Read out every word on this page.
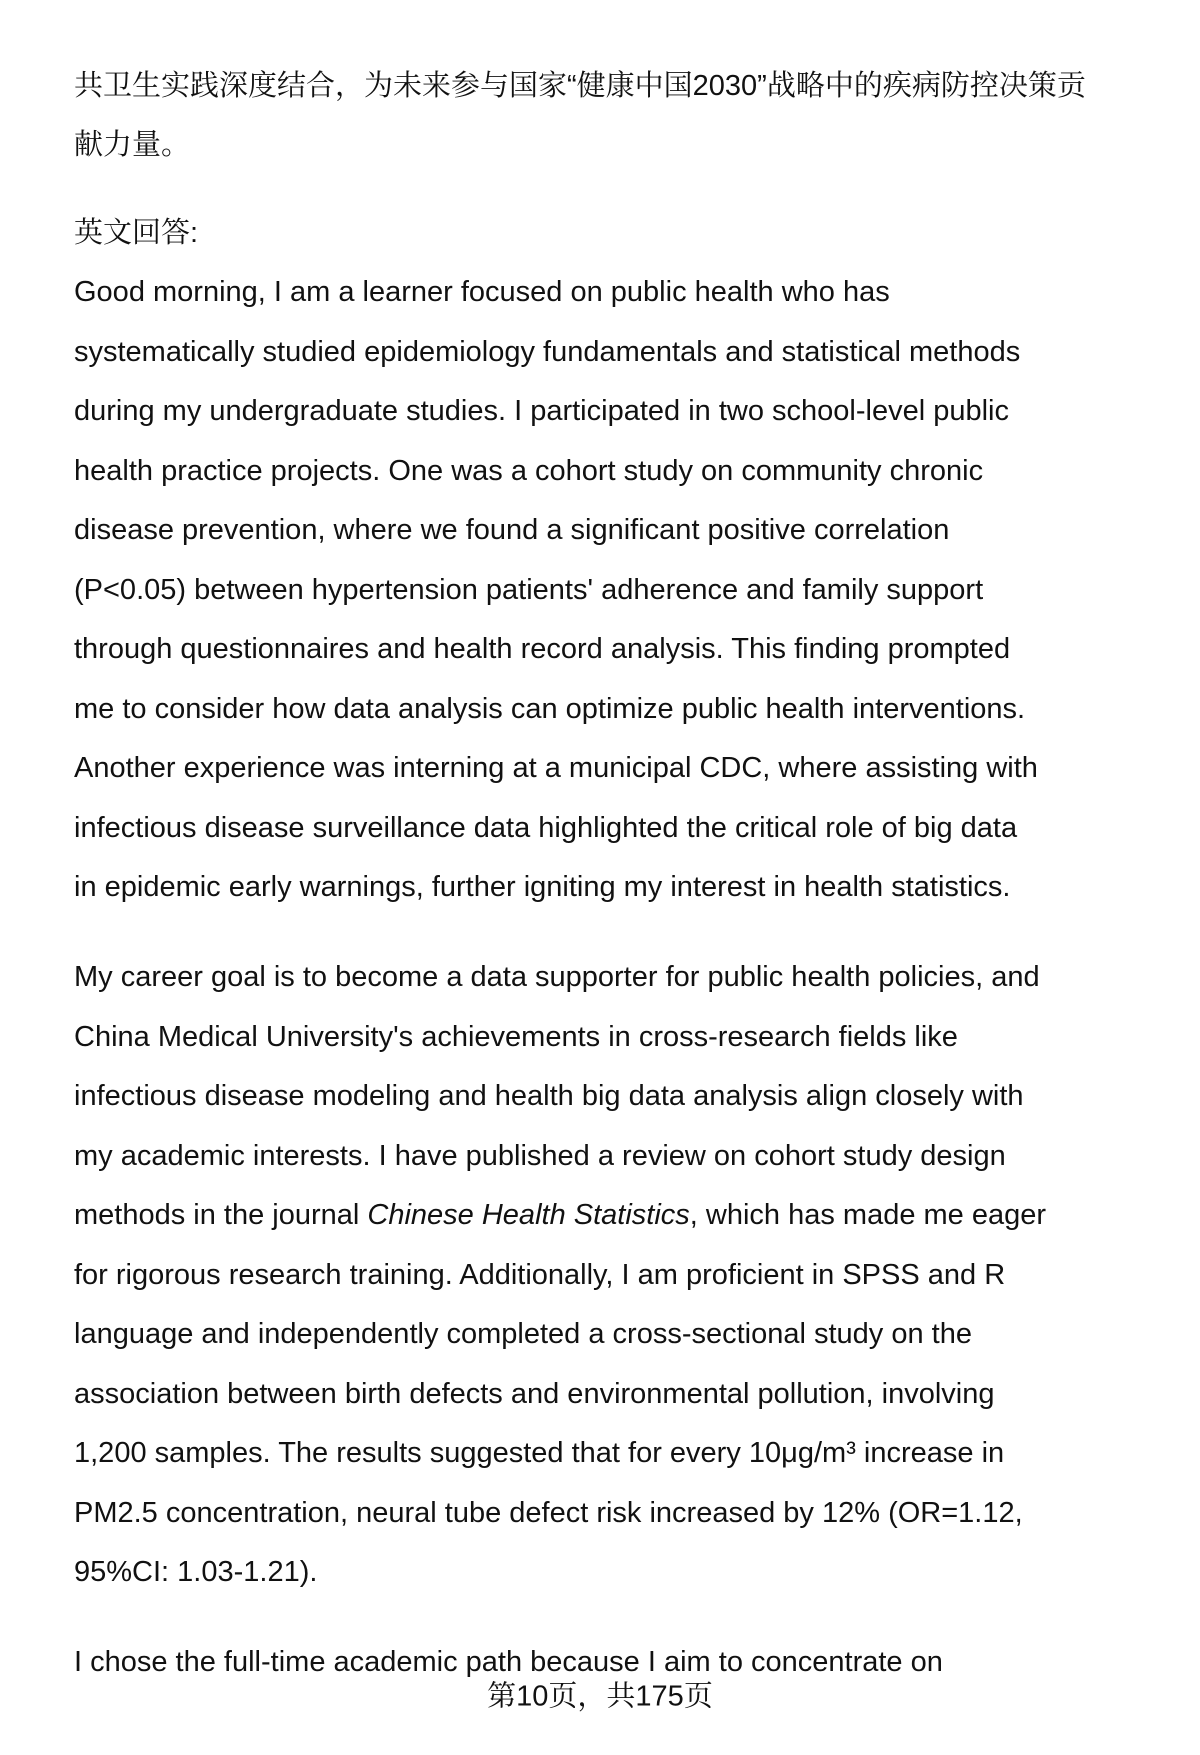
共卫生实践深度结合，为未来参与国家“健康中国2030”战略中的疾病防控决策贡
献力量。
英文回答:
Good morning, I am a learner focused on public health who has
systematically studied epidemiology fundamentals and statistical methods
during my undergraduate studies. I participated in two school-level public
health practice projects. One was a cohort study on community chronic
disease prevention, where we found a significant positive correlation
(P<0.05) between hypertension patients' adherence and family support
through questionnaires and health record analysis. This finding prompted
me to consider how data analysis can optimize public health interventions.
Another experience was interning at a municipal CDC, where assisting with
infectious disease surveillance data highlighted the critical role of big data
in epidemic early warnings, further igniting my interest in health statistics.
My career goal is to become a data supporter for public health policies, and
China Medical University's achievements in cross-research fields like
infectious disease modeling and health big data analysis align closely with
my academic interests. I have published a review on cohort study design
methods in the journal Chinese Health Statistics, which has made me eager
for rigorous research training. Additionally, I am proficient in SPSS and R
language and independently completed a cross-sectional study on the
association between birth defects and environmental pollution, involving
1,200 samples. The results suggested that for every 10μg/m³ increase in
PM2.5 concentration, neural tube defect risk increased by 12% (OR=1.12,
95%CI: 1.03-1.21).
I chose the full-time academic path because I aim to concentrate on
第10页，共175页
